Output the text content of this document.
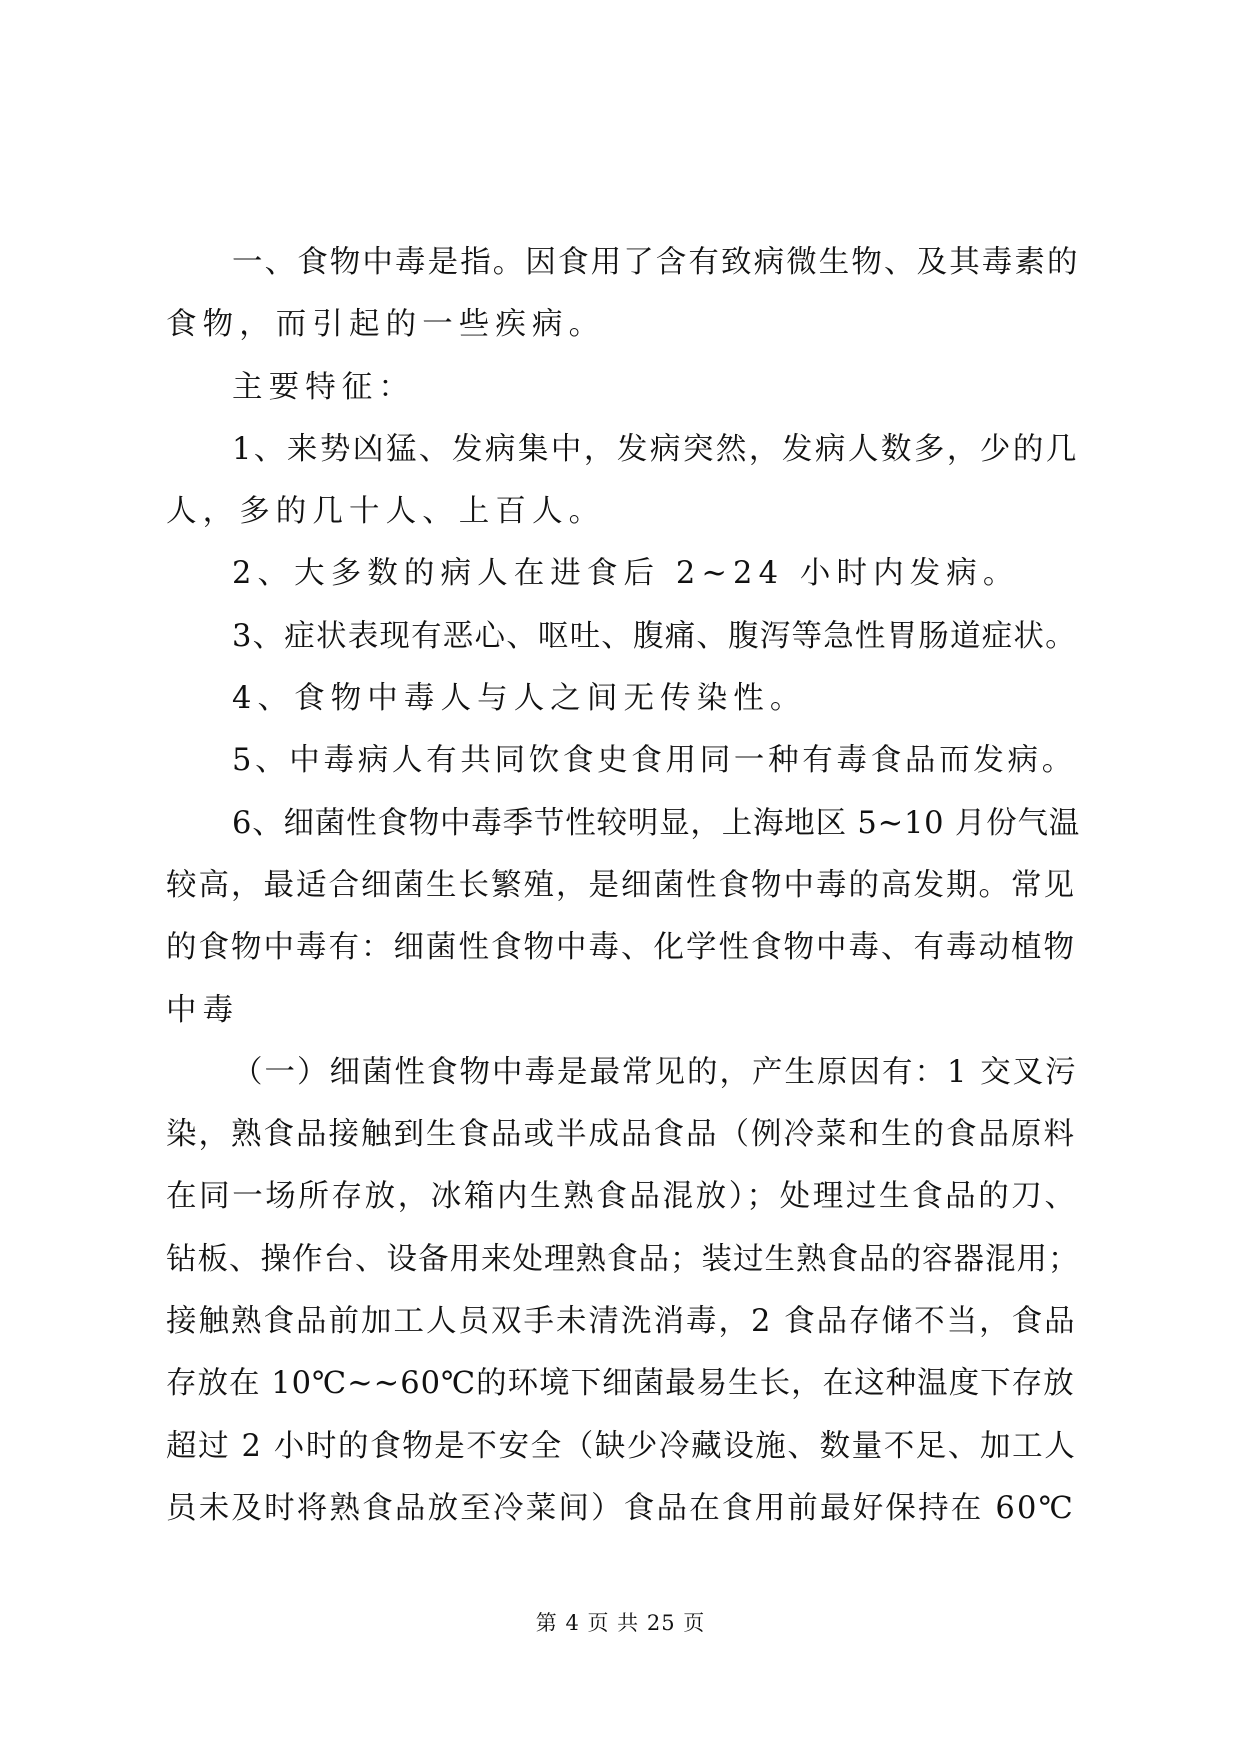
一、食物中毒是指。因食用了含有致病微生物、及其毒素的

食物，而引起的一些疾病。

主要特征：

1、来势凶猛、发病集中，发病突然，发病人数多，少的几

人，多的几十人、上百人。

2、大多数的病人在进食后 2~24 小时内发病。

3、症状表现有恶心、呕吐、腹痛、腹泻等急性胃肠道症状。

4、食物中毒人与人之间无传染性。

5、中毒病人有共同饮食史食用同一种有毒食品而发病。

6、细菌性食物中毒季节性较明显，上海地区 5~10 月份气温

较高，最适合细菌生长繁殖，是细菌性食物中毒的高发期。常见

的食物中毒有：细菌性食物中毒、化学性食物中毒、有毒动植物

中毒

（一）细菌性食物中毒是最常见的，产生原因有：1 交叉污

染，熟食品接触到生食品或半成品食品（例冷菜和生的食品原料

在同一场所存放，冰箱内生熟食品混放）；处理过生食品的刀、

钻板、操作台、设备用来处理熟食品；装过生熟食品的容器混用；

接触熟食品前加工人员双手未清洗消毒，2 食品存储不当，食品

存放在 10℃~~60℃的环境下细菌最易生长，在这种温度下存放

超过 2 小时的食物是不安全（缺少冷藏设施、数量不足、加工人

员未及时将熟食品放至冷菜间）食品在食用前最好保持在 60℃

第 4 页 共 25 页
